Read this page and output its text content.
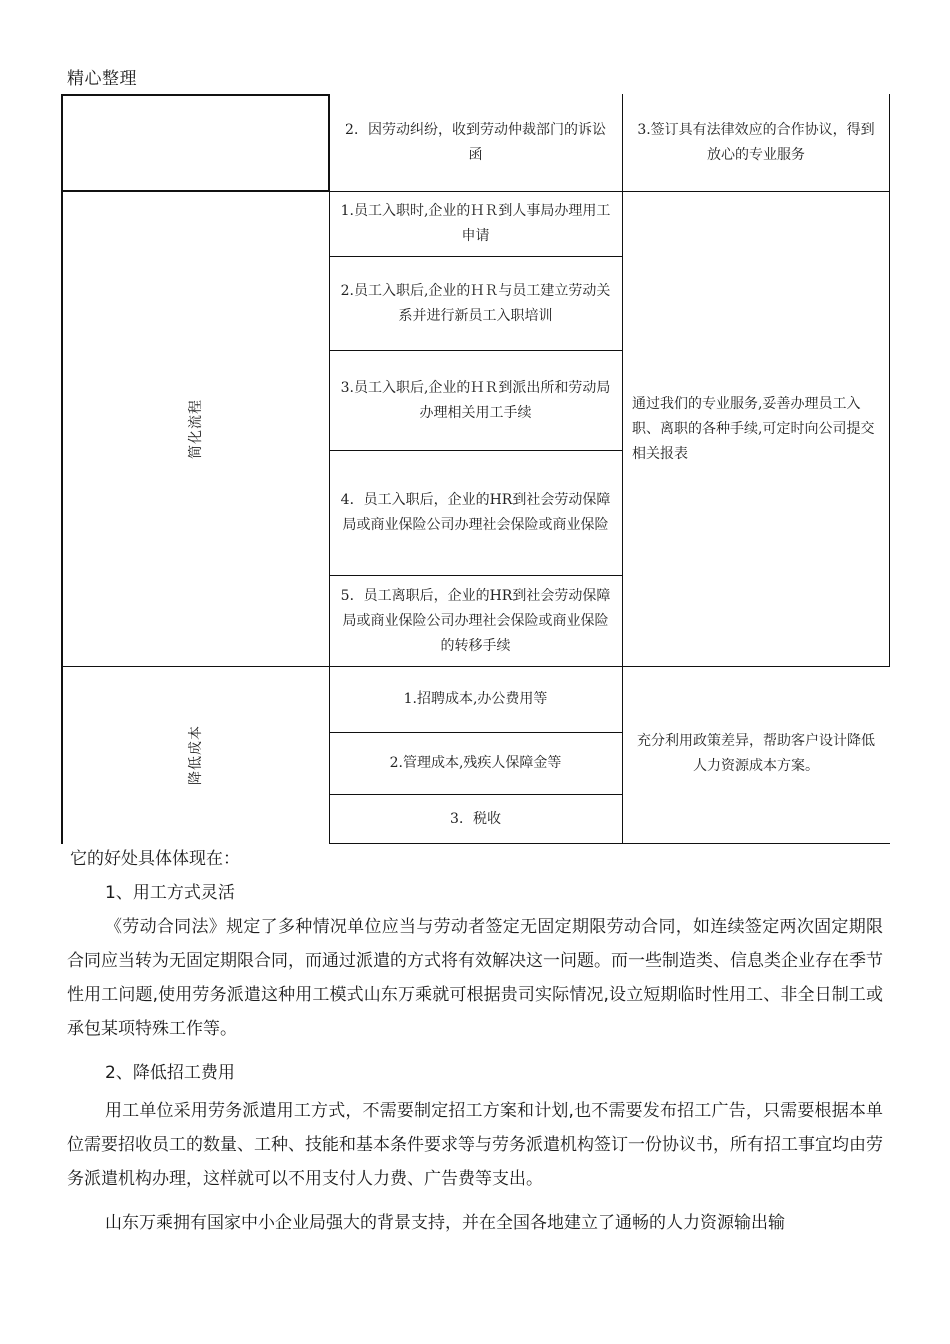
精心整理
2．因劳动纠纷，收到劳动仲裁部门的诉讼函
3.签订具有法律效应的合作协议，得到放心的专业服务
简化流程
1.员工入职时,企业的ＨＲ到人事局办理用工申请
2.员工入职后,企业的ＨＲ与员工建立劳动关系并进行新员工入职培训
3.员工入职后,企业的ＨＲ到派出所和劳动局办理相关用工手续
4．员工入职后，企业的HR到社会劳动保障局或商业保险公司办理社会保险或商业保险
5．员工离职后，企业的HR到社会劳动保障局或商业保险公司办理社会保险或商业保险的转移手续
通过我们的专业服务,妥善办理员工入职、离职的各种手续,可定时向公司提交相关报表
降低成本
1.招聘成本,办公费用等
2.管理成本,残疾人保障金等
3．税收
充分利用政策差异，帮助客户设计降低人力资源成本方案。
它的好处具体体现在：
1、用工方式灵活
《劳动合同法》规定了多种情况单位应当与劳动者签定无固定期限劳动合同，如连续签定两次固定期限合同应当转为无固定期限合同，而通过派遣的方式将有效解决这一问题。而一些制造类、信息类企业存在季节性用工问题,使用劳务派遣这种用工模式山东万乘就可根据贵司实际情况,设立短期临时性用工、非全日制工或承包某项特殊工作等。
2、降低招工费用
用工单位采用劳务派遣用工方式，不需要制定招工方案和计划,也不需要发布招工广告，只需要根据本单位需要招收员工的数量、工种、技能和基本条件要求等与劳务派遣机构签订一份协议书，所有招工事宜均由劳务派遣机构办理，这样就可以不用支付人力费、广告费等支出。
山东万乘拥有国家中小企业局强大的背景支持，并在全国各地建立了通畅的人力资源输出输
